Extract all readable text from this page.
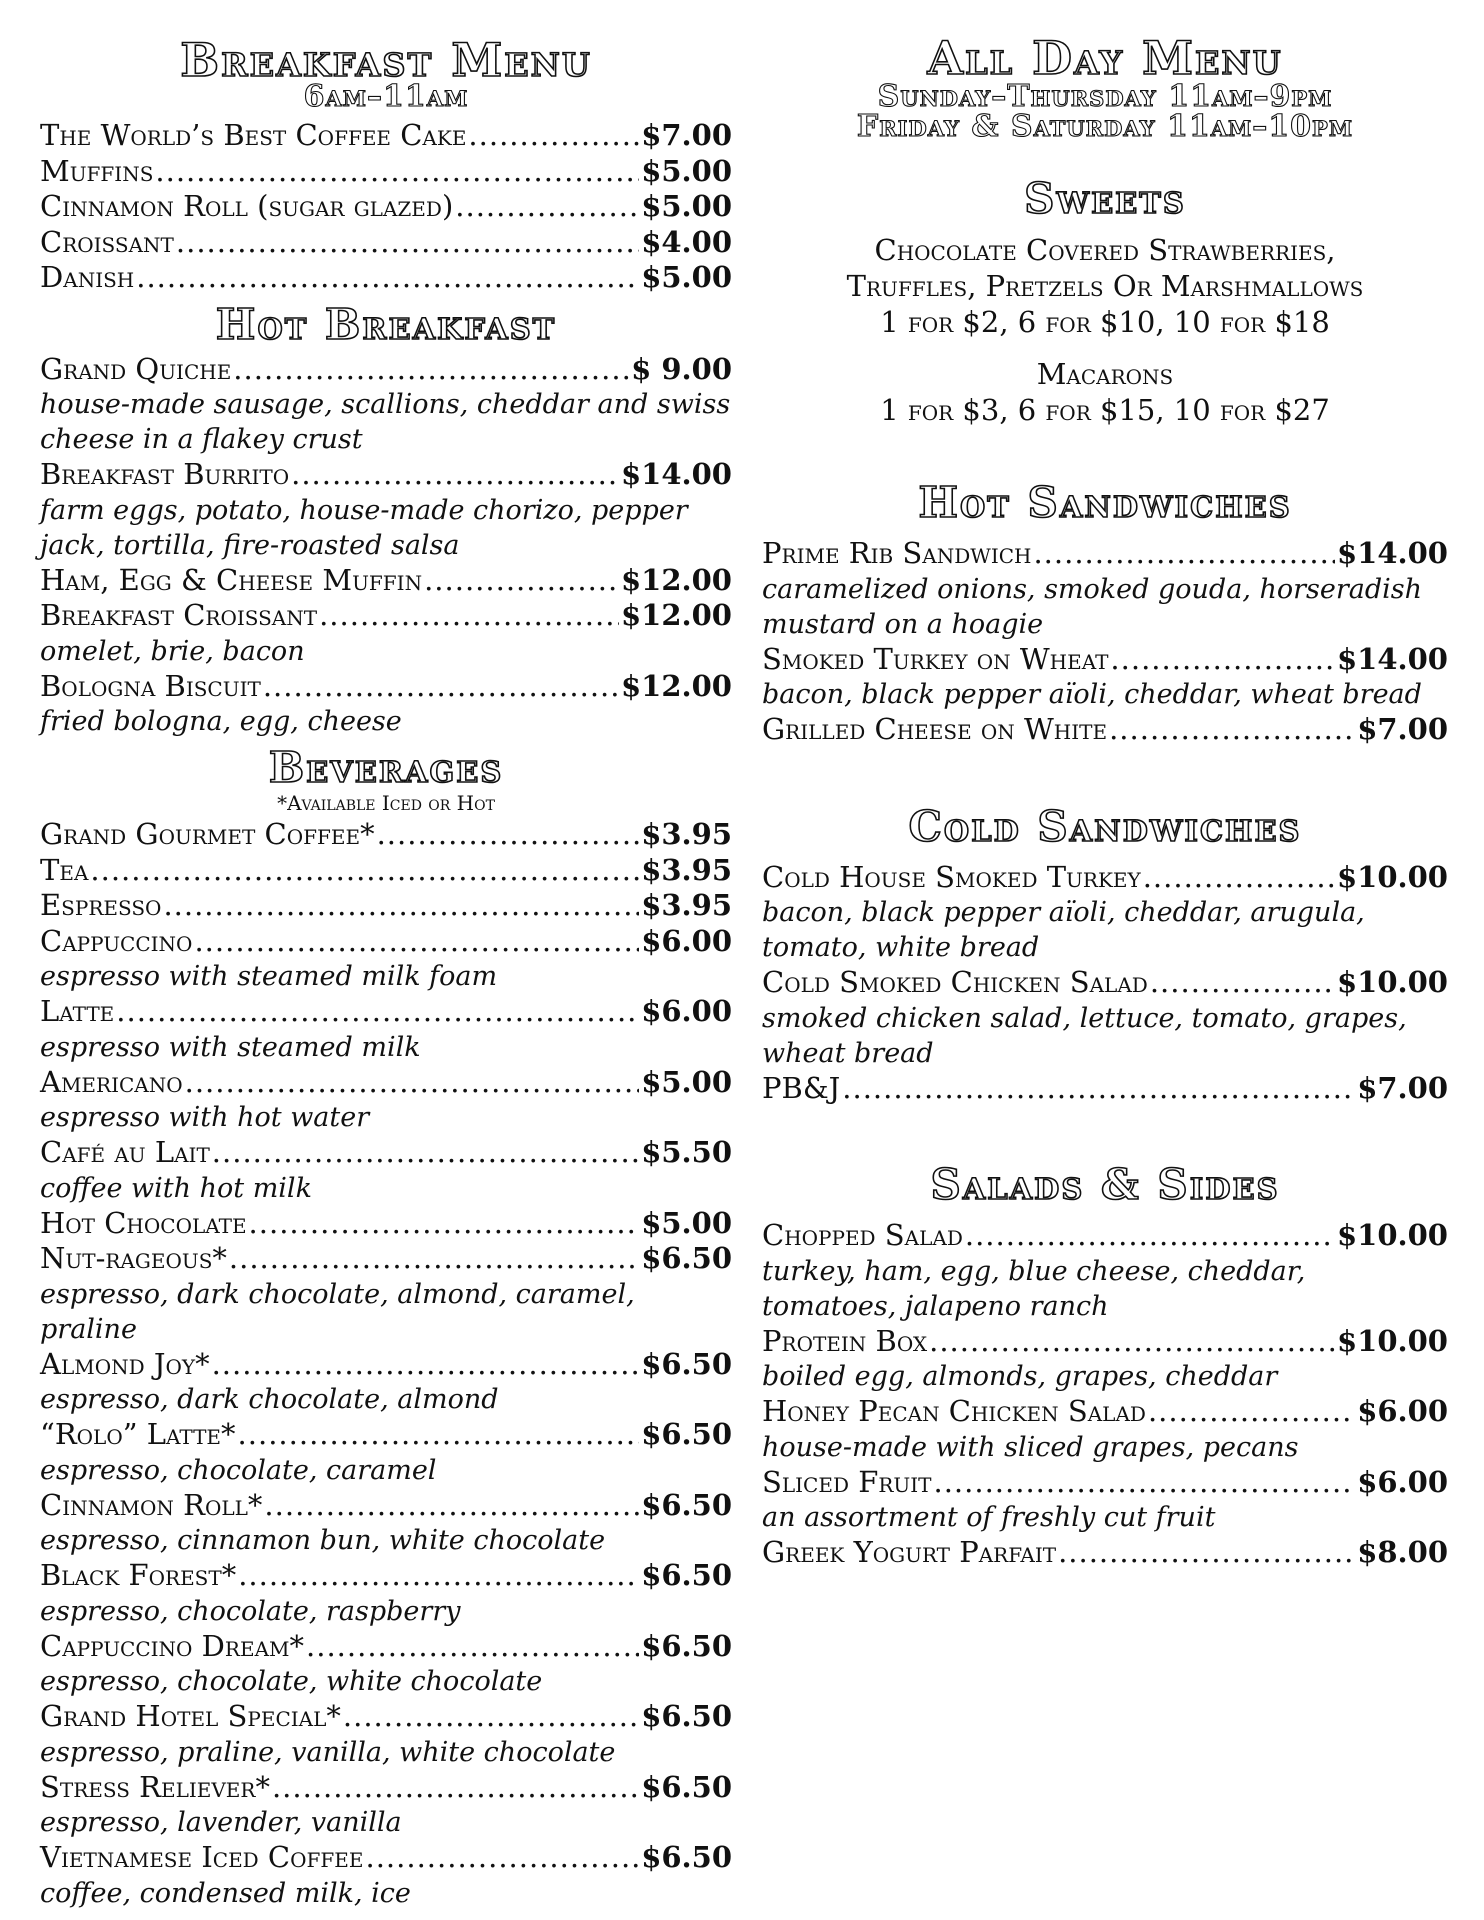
Breakfast Menu
6am–11am
The World’s Best Coffee Cake .....	$7.00
Muffins .....	$5.00
Cinnamon Roll (sugar glazed) .....	$5.00
Croissant .....	$4.00
Danish .....	$5.00
Hot Breakfast
Grand Quiche .....	$ 9.00
house-made sausage, scallions, cheddar and swiss cheese in a flakey crust
Breakfast Burrito .....	$14.00
farm eggs, potato, house-made chorizo, pepper jack, tortilla, fire-roasted salsa
Ham, Egg & Cheese Muffin .....	$12.00
Breakfast Croissant .....	$12.00
omelet, brie, bacon
Bologna Biscuit .....	$12.00
fried bologna, egg, cheese
Beverages
*Available Iced or Hot
Grand Gourmet Coffee* .....	$3.95
Tea .....	$3.95
Espresso .....	$3.95
Cappuccino .....	$6.00
espresso with steamed milk foam
Latte .....	$6.00
espresso with steamed milk
Americano .....	$5.00
espresso with hot water
Café au Lait .....	$5.50
coffee with hot milk
Hot Chocolate .....	$5.00
Nut-rageous* .....	$6.50
espresso, dark chocolate, almond, caramel, praline
Almond Joy* .....	$6.50
espresso, dark chocolate, almond
“Rolo” Latte* .....	$6.50
espresso, chocolate, caramel
Cinnamon Roll* .....	$6.50
espresso, cinnamon bun, white chocolate
Black Forest* .....	$6.50
espresso, chocolate, raspberry
Cappuccino Dream* .....	$6.50
espresso, chocolate, white chocolate
Grand Hotel Special* .....	$6.50
espresso, praline, vanilla, white chocolate
Stress Reliever* .....	$6.50
espresso, lavender, vanilla
Vietnamese Iced Coffee .....	$6.50
coffee, condensed milk, ice
All Day Menu
Sunday–Thursday 11am–9pm
Friday & Saturday 11am–10pm
Sweets
Chocolate Covered Strawberries,
Truffles, Pretzels Or Marshmallows
1 for $2, 6 for $10, 10 for $18
Macarons
1 for $3, 6 for $15, 10 for $27
Hot Sandwiches
Prime Rib Sandwich .....	$14.00
caramelized onions, smoked gouda, horseradish mustard on a hoagie
Smoked Turkey on Wheat .....	$14.00
bacon, black pepper aïoli, cheddar, wheat bread
Grilled Cheese on White .....	$7.00
Cold Sandwiches
Cold House Smoked Turkey .....	$10.00
bacon, black pepper aïoli, cheddar, arugula, tomato, white bread
Cold Smoked Chicken Salad .....	$10.00
smoked chicken salad, lettuce, tomato, grapes, wheat bread
PB&J .....	$7.00
Salads & Sides
Chopped Salad .....	$10.00
turkey, ham, egg, blue cheese, cheddar, tomatoes, jalapeno ranch
Protein Box .....	$10.00
boiled egg, almonds, grapes, cheddar
Honey Pecan Chicken Salad .....	$6.00
house-made with sliced grapes, pecans
Sliced Fruit .....	$6.00
an assortment of freshly cut fruit
Greek Yogurt Parfait .....	$8.00
